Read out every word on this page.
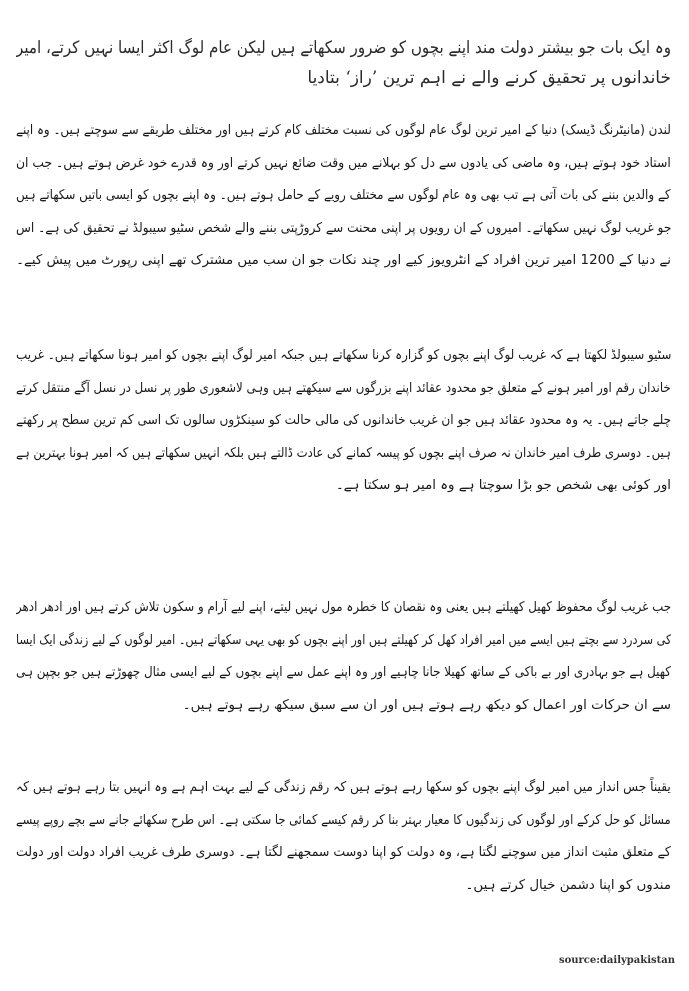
وہ ایک بات جو بیشتر دولت مند اپنے بچوں کو ضرور سکھاتے ہیں لیکن عام لوگ اکثر ایسا نہیں کرتے، امیر
خاندانوں پر تحقیق کرنے والے نے اہم ترین ’راز‘ بتادیا
لندن (مانیٹرنگ ڈیسک) دنیا کے امیر ترین لوگ عام لوگوں کی نسبت مختلف کام کرتے ہیں اور مختلف طریقے سے سوچتے ہیں۔ وہ اپنے
استاد خود ہوتے ہیں، وہ ماضی کی یادوں سے دل کو بہلانے میں وقت ضائع نہیں کرتے اور وہ قدرے خود غرض ہوتے ہیں۔ جب ان
کے والدین بننے کی بات آتی ہے تب بھی وہ عام لوگوں سے مختلف رویے کے حامل ہوتے ہیں۔ وہ اپنے بچوں کو ایسی باتیں سکھاتے ہیں
جو غریب لوگ نہیں سکھاتے۔ امیروں کے ان رویوں پر اپنی محنت سے کروڑپتی بننے والے شخص سٹیو سیبولڈ نے تحقیق کی ہے۔ اس
نے دنیا کے 1200 امیر ترین افراد کے انٹرویوز کیے اور چند نکات جو ان سب میں مشترک تھے اپنی رپورٹ میں پیش کیے۔
سٹیو سیبولڈ لکھتا ہے کہ غریب لوگ اپنے بچوں کو گزارہ کرنا سکھاتے ہیں جبکہ امیر لوگ اپنے بچوں کو امیر ہونا سکھاتے ہیں۔ غریب
خاندان رقم اور امیر ہونے کے متعلق جو محدود عقائد اپنے بزرگوں سے سیکھتے ہیں وہی لاشعوری طور پر نسل در نسل آگے منتقل کرتے
چلے جاتے ہیں۔ یہ وہ محدود عقائد ہیں جو ان غریب خاندانوں کی مالی حالت کو سینکڑوں سالوں تک اسی کم ترین سطح پر رکھتے
ہیں۔ دوسری طرف امیر خاندان نہ صرف اپنے بچوں کو پیسہ کمانے کی عادت ڈالتے ہیں بلکہ انہیں سکھاتے ہیں کہ امیر ہونا بہترین ہے
اور کوئی بھی شخص جو بڑا سوچتا ہے وہ امیر ہو سکتا ہے۔
جب غریب لوگ محفوظ کھیل کھیلتے ہیں یعنی وہ نقصان کا خطرہ مول نہیں لیتے، اپنے لیے آرام و سکون تلاش کرتے ہیں اور ادھر ادھر
کی سردرد سے بچتے ہیں ایسے میں امیر افراد کھل کر کھیلتے ہیں اور اپنے بچوں کو بھی یہی سکھاتے ہیں۔ امیر لوگوں کے لیے زندگی ایک ایسا
کھیل ہے جو بہادری اور بے باکی کے ساتھ کھیلا جانا چاہیے اور وہ اپنے عمل سے اپنے بچوں کے لیے ایسی مثال چھوڑتے ہیں جو بچپن ہی
سے ان حرکات اور اعمال کو دیکھ رہے ہوتے ہیں اور ان سے سبق سیکھ رہے ہوتے ہیں۔
یقیناً جس انداز میں امیر لوگ اپنے بچوں کو سکھا رہے ہوتے ہیں کہ رقم زندگی کے لیے بہت اہم ہے وہ انہیں بتا رہے ہوتے ہیں کہ
مسائل کو حل کرکے اور لوگوں کی زندگیوں کا معیار بہتر بنا کر رقم کیسے کمائی جا سکتی ہے۔ اس طرح سکھائے جانے سے بچے روپے پیسے
کے متعلق مثبت انداز میں سوچنے لگتا ہے، وہ دولت کو اپنا دوست سمجھنے لگتا ہے۔ دوسری طرف غریب افراد دولت اور دولت
مندوں کو اپنا دشمن خیال کرتے ہیں۔
source:dailypakistan
